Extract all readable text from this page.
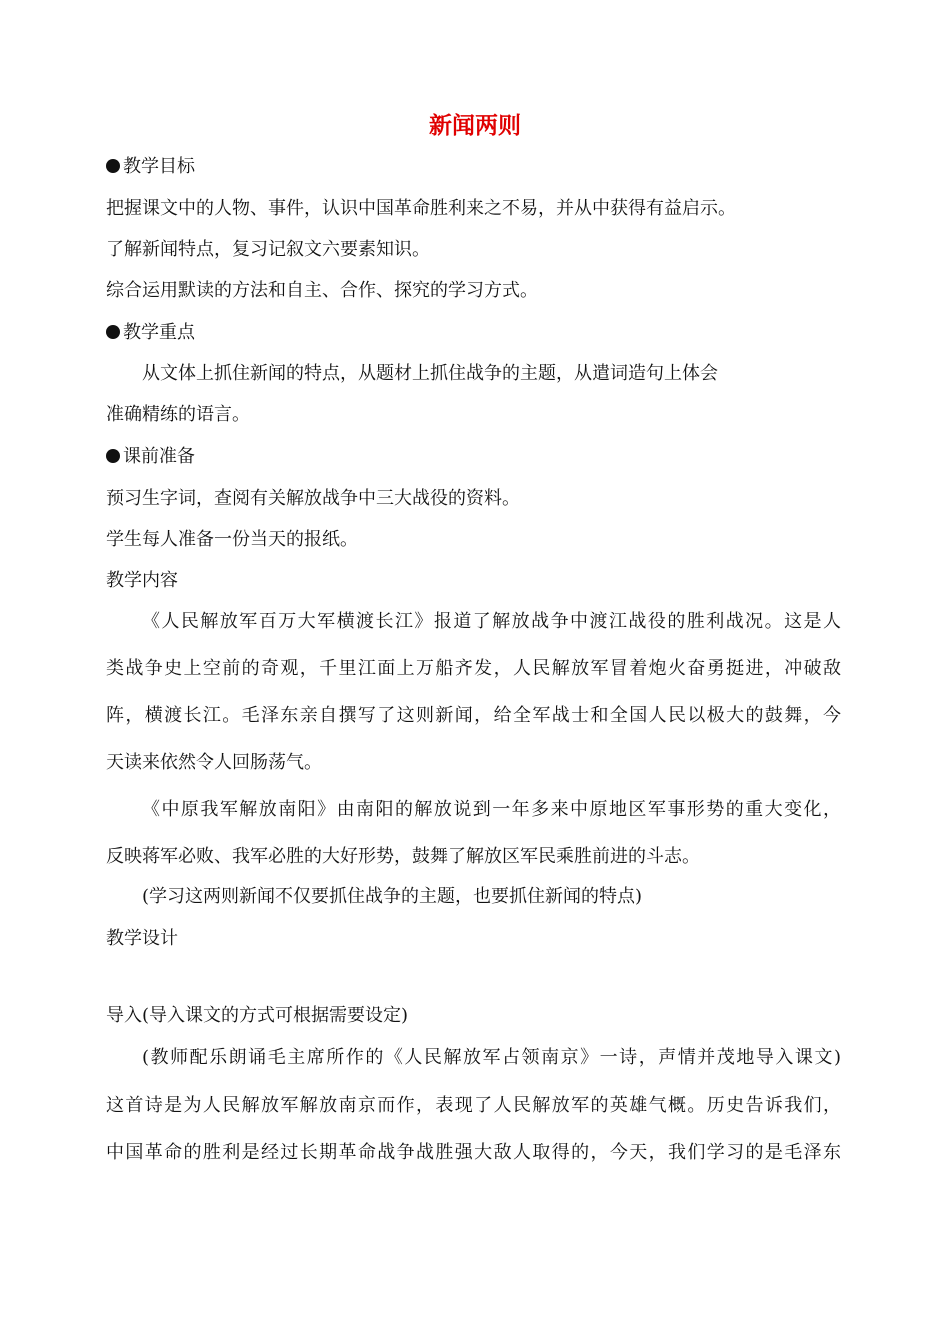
新闻两则
教学目标
把握课文中的人物、事件，认识中国革命胜利来之不易，并从中获得有益启示。
了解新闻特点，复习记叙文六要素知识。
综合运用默读的方法和自主、合作、探究的学习方式。
教学重点
从文体上抓住新闻的特点，从题材上抓住战争的主题，从遣词造句上体会
准确精练的语言。
课前准备
预习生字词，查阅有关解放战争中三大战役的资料。
学生每人准备一份当天的报纸。
教学内容
《人民解放军百万大军横渡长江》报道了解放战争中渡江战役的胜利战况。这是人
类战争史上空前的奇观，千里江面上万船齐发，人民解放军冒着炮火奋勇挺进，冲破敌
阵，横渡长江。毛泽东亲自撰写了这则新闻，给全军战士和全国人民以极大的鼓舞，今
天读来依然令人回肠荡气。
《中原我军解放南阳》由南阳的解放说到一年多来中原地区军事形势的重大变化，
反映蒋军必败、我军必胜的大好形势，鼓舞了解放区军民乘胜前进的斗志。
(学习这两则新闻不仅要抓住战争的主题，也要抓住新闻的特点)
教学设计
导入(导入课文的方式可根据需要设定)
(教师配乐朗诵毛主席所作的《人民解放军占领南京》一诗，声情并茂地导入课文)
这首诗是为人民解放军解放南京而作，表现了人民解放军的英雄气概。历史告诉我们，
中国革命的胜利是经过长期革命战争战胜强大敌人取得的，今天，我们学习的是毛泽东
